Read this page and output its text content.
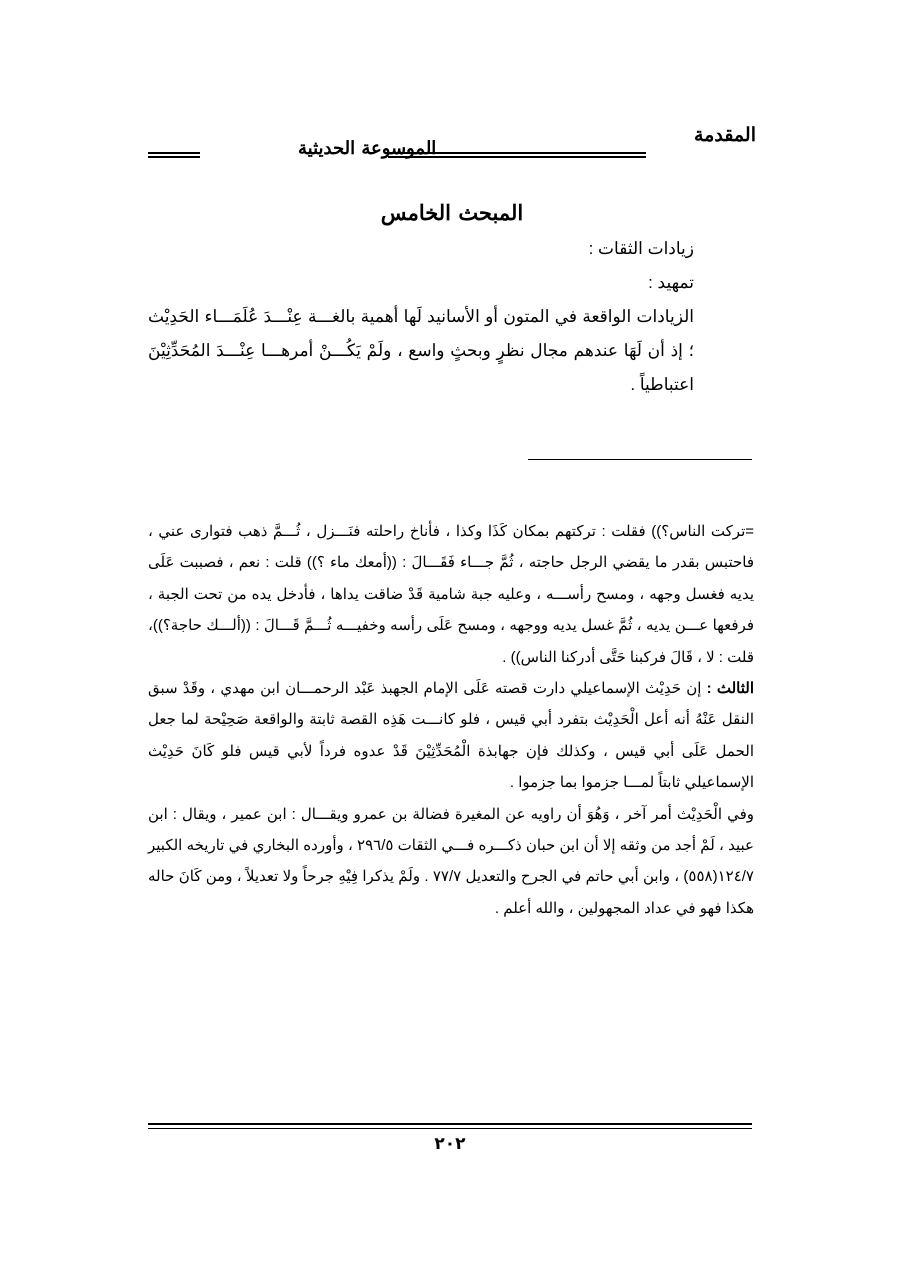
المقدمة
الموسوعة الحديثية
المبحث الخامس

زيادات الثقات :

تمهيد :

الزيادات الواقعة في المتون أو الأسانيد لَها أهمية بالغـــة عِنْـــدَ عُلَمَـــاء الحَدِيْث ؛ إذ أن لَهَا عندهم مجال نظرٍ وبحثٍ واسع ، ولَمْ يَكُـــنْ أمرهـــا عِنْـــدَ المُحَدِّثِيْنَ اعتباطياً .

=تركت الناس؟)) فقلت : تركتهم بمكان كَذَا وكذا ، فأناخ راحلته فنَـــزل ، ثُـــمَّ ذهب فتوارى عني ، فاحتبس بقدر ما يقضي الرجل حاجته ، ثُمَّ جـــاء فَقَـــالَ : ((أمعك ماء ؟)) قلت : نعم ، فصببت عَلَى يديه فغسل وجهه ، ومسح رأســـه ، وعليه جبة شامية قَدْ ضاقت يداها ، فأدخل يده من تحت الجبة ، فرفعها عـــن يديه ، ثُمَّ غسل يديه ووجهه ، ومسح عَلَى رأسه وخفيـــه ثُـــمَّ قَـــالَ : ((ألـــك حاجة؟))، قلت : لا ، قَالَ فركبنا حَتَّى أدركنا الناس)) .

الثالث : إن حَدِيْث الإسماعيلي دارت قصته عَلَى الإمام الجهبذ عَبْد الرحمـــان ابن مهدي ، وقَدْ سبق النقل عَنْهُ أنه أعل الْحَدِيْث بتفرد أبي قيس ، فلو كانـــت هَذِه القصة ثابتة والواقعة صَحِيْحة لما جعل الحمل عَلَى أبي قيس ، وكذلك فإن جهابذة الْمُحَدِّثِيْنَ قَدْ عدوه فرداً لأبي قيس فلو كَانَ حَدِيْث الإسماعيلي ثابتاً لمـــا جزموا بما جزموا .

وفي الْحَدِيْث أمر آخر ، وَهُوَ أن راويه عن المغيرة فضالة بن عمرو ويقـــال : ابن عمير ، ويقال : ابن عبيد ، لَمْ أجد من وثقه إلا أن ابن حبان ذكـــره فـــي الثقات ٢٩٦/٥ ، وأورده البخاري في تاريخه الكبير ١٢٤/٧(٥٥٨) ، وابن أبي حاتم في الجرح والتعديل ٧٧/٧ . ولَمْ يذكرا فِيْهِ جرحاً ولا تعديلاً ، ومن كَانَ حاله هكذا فهو في عداد المجهولين ، والله أعلم .

٢٠٢
